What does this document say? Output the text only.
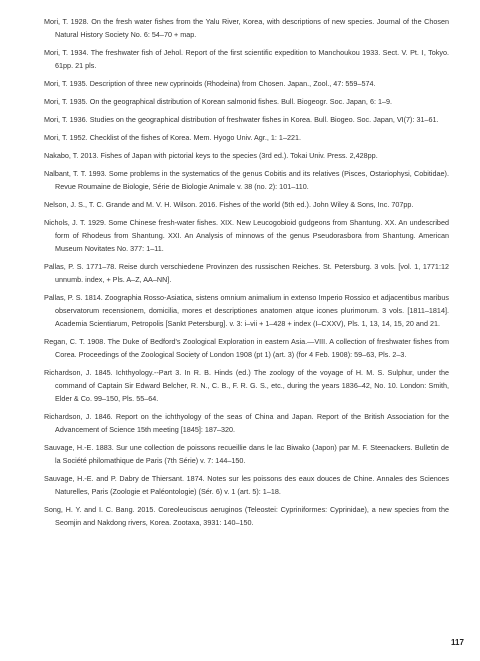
Mori, T. 1928. On the fresh water fishes from the Yalu River, Korea, with descriptions of new species. Journal of the Chosen Natural History Society No. 6: 54–70 + map.

Mori, T. 1934. The freshwater fish of Jehol. Report of the first scientific expedition to Manchoukou 1933. Sect. V. Pt. Ⅰ, Tokyo. 61pp. 21 pls.

Mori, T. 1935. Description of three new cyprinoids (Rhodeina) from Chosen. Japan., Zool., 47: 559–574.

Mori, T. 1935. On the geographical distribution of Korean salmonid fishes. Bull. Biogeogr. Soc. Japan, 6: 1–9.

Mori, T. 1936. Studies on the geographical distribution of freshwater fishes in Korea. Bull. Biogeo. Soc. Japan, Ⅵ(7): 31–61.

Mori, T. 1952. Checklist of the fishes of Korea. Mem. Hyogo Univ. Agr., 1: 1–221.

Nakabo, T. 2013. Fishes of Japan with pictorial keys to the species (3rd ed.). Tokai Univ. Press. 2,428pp.

Nalbant, T. T. 1993. Some problems in the systematics of the genus Cobitis and its relatives (Pisces, Ostariophysi, Cobitidae). Revue Roumaine de Biologie, Série de Biologie Animale v. 38 (no. 2): 101–110.

Nelson, J. S., T. C. Grande and M. V. H. Wilson. 2016. Fishes of the world (5th ed.). John Wiley & Sons, Inc. 707pp.

Nichols, J. T. 1929. Some Chinese fresh-water fishes. XIX. New Leucogobioid gudgeons from Shantung. XX. An undescribed form of Rhodeus from Shantung. XXI. An Analysis of minnows of the genus Pseudorasbora from Shantung. American Museum Novitates No. 377: 1–11.

Pallas, P. S. 1771–78. Reise durch verschiedene Provinzen des russischen Reiches. St. Petersburg. 3 vols. [vol. 1, 1771:12 unnumb. index, + Pls. A–Z, AA–NN].

Pallas, P. S. 1814. Zoographia Rosso-Asiatica, sistens omnium animalium in extenso Imperio Rossico et adjacentibus maribus observatorum recensionem, domicilia, mores et descriptiones anatomen atque icones plurimorum. 3 vols. [1811–1814]. Academia Scientiarum, Petropolis [Sankt Petersburg]. v. 3: i–vii + 1–428 + index (I–CXXV), Pls. 1, 13, 14, 15, 20 and 21.

Regan, C. T. 1908. The Duke of Bedford's Zoological Exploration in eastern Asia.—VIII. A collection of freshwater fishes from Corea. Proceedings of the Zoological Society of London 1908 (pt 1) (art. 3) (for 4 Feb. 1908): 59–63, Pls. 2–3.

Richardson, J. 1845. Ichthyology.--Part 3. In R. B. Hinds (ed.) The zoology of the voyage of H. M. S. Sulphur, under the command of Captain Sir Edward Belcher, R. N., C. B., F. R. G. S., etc., during the years 1836–42, No. 10. London: Smith, Elder & Co. 99–150, Pls. 55–64.

Richardson, J. 1846. Report on the ichthyology of the seas of China and Japan. Report of the British Association for the Advancement of Science 15th meeting [1845]: 187–320.

Sauvage, H.-E. 1883. Sur une collection de poissons recueillie dans le lac Biwako (Japon) par M. F. Steenackers. Bulletin de la Société philomathique de Paris (7th Série) v. 7: 144–150.

Sauvage, H.-E. and P. Dabry de Thiersant. 1874. Notes sur les poissons des eaux douces de Chine. Annales des Sciences Naturelles, Paris (Zoologie et Paléontologie) (Sér. 6) v. 1 (art. 5): 1–18.

Song, H. Y. and I. C. Bang. 2015. Coreoleuciscus aeruginos (Teleostei: Cypriniformes: Cyprinidae), a new species from the Seomjin and Nakdong rivers, Korea. Zootaxa, 3931: 140–150.

117
